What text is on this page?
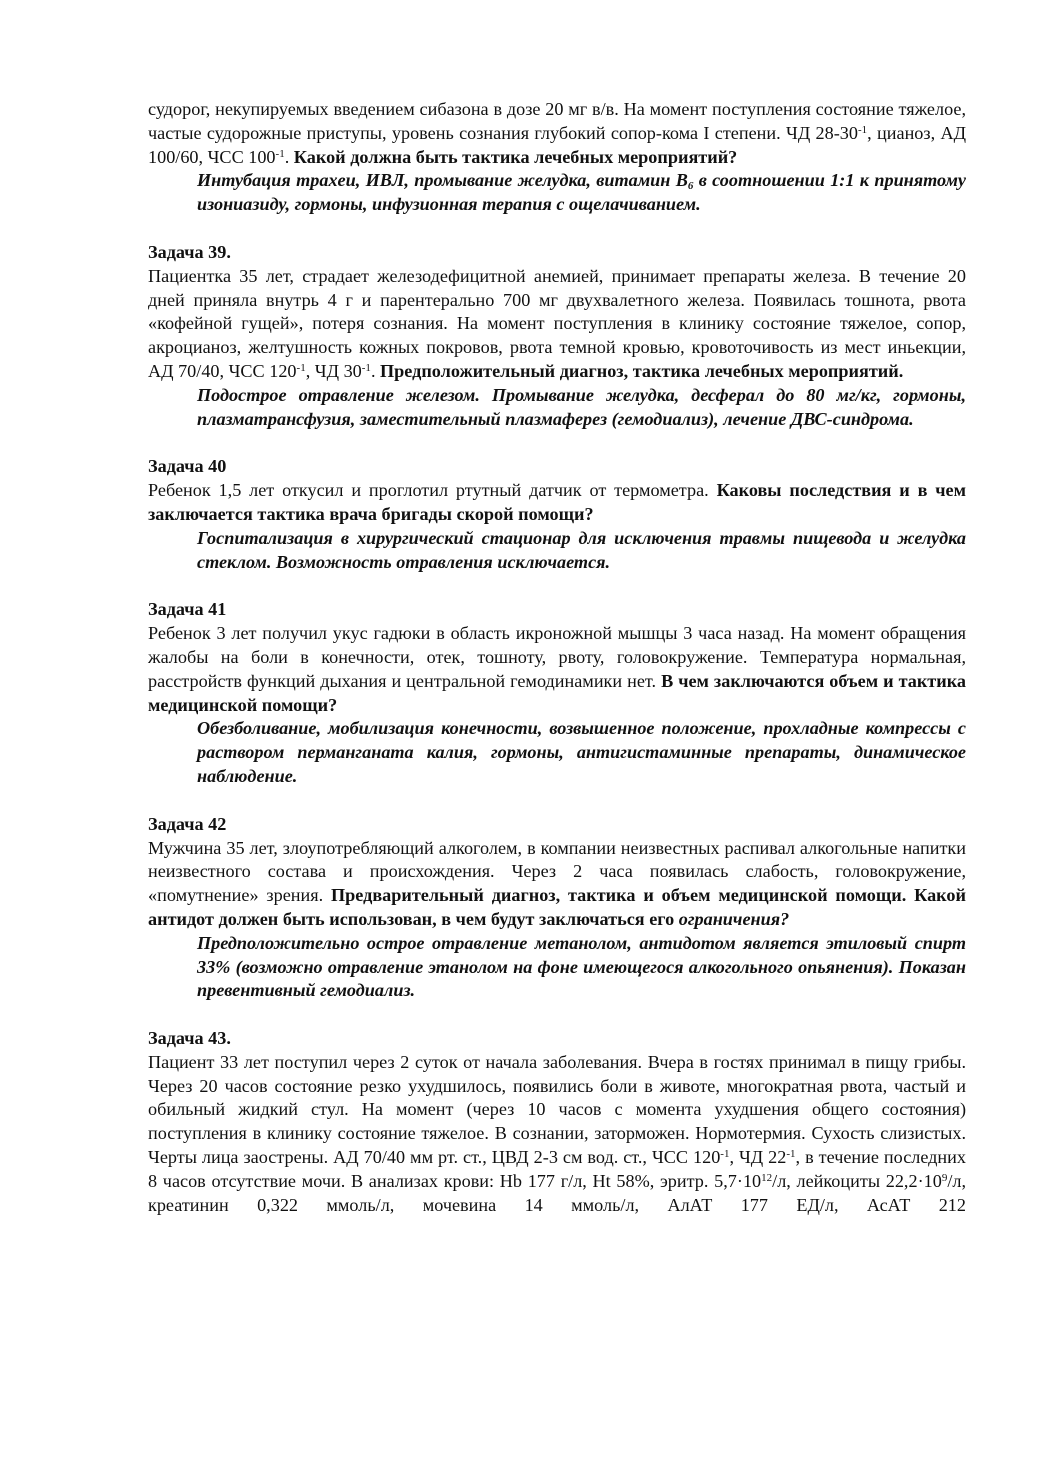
судорог, некупируемых введением сибазона в дозе 20 мг в/в. На момент поступления состояние тяжелое, частые судорожные приступы, уровень сознания глубокий сопор-кома I степени. ЧД $28-30^{-1}$, цианоз, АД 100/60, ЧСС $100^{-1}$. Какой должна быть тактика лечебных мероприятий?

Интубация трахеи, ИВЛ, промывание желудка, витамин $B_6$ в соотношении 1:1 к принятому изониазиду, гормоны, инфузионная терапия с ощелачиванием.

Задача 39.

Пациентка 35 лет, страдает железодефицитной анемией, принимает препараты железа. В течение 20 дней приняла внутрь 4 г и парентерально 700 мг двухвалетного железа. Появилась тошнота, рвота «кофейной гущей», потеря сознания. На момент поступления в клинику состояние тяжелое, сопор, акроцианоз, желтушность кожных покровов, рвота темной кровью, кровоточивость из мест иньекции, АД 70/40, ЧСС $120^{-1}$, ЧД $30^{-1}$. Предположительный диагноз, тактика лечебных мероприятий.

Подострое отравление железом. Промывание желудка, десферал до 80 мг/кг, гормоны, плазматрансфузия, заместительный плазмаферез (гемодиализ), лечение ДВС-синдрома.

Задача 40

Ребенок 1,5 лет откусил и проглотил ртутный датчик от термометра. Каковы последствия и в чем заключается тактика врача бригады скорой помощи?

Госпитализация в хирургический стационар для исключения травмы пищевода и желудка стеклом. Возможность отравления исключается.

Задача 41

Ребенок 3 лет получил укус гадюки в область икроножной мышцы 3 часа назад. На момент обращения жалобы на боли в конечности, отек, тошноту, рвоту, головокружение. Температура нормальная, расстройств функций дыхания и центральной гемодинамики нет. В чем заключаются объем и тактика медицинской помощи?

Обезболивание, мобилизация конечности, возвышенное положение, прохладные компрессы с раствором перманганата калия, гормоны, антигистаминные препараты, динамическое наблюдение.

Задача 42

Мужчина 35 лет, злоупотребляющий алкоголем, в компании неизвестных распивал алкогольные напитки неизвестного состава и происхождения. Через 2 часа появилась слабость, головокружение, «помутнение» зрения. Предварительный диагноз, тактика и объем медицинской помощи. Какой антидот должен быть использован, в чем будут заключаться его ограничения?

Предположительно острое отравление метанолом, антидотом является этиловый спирт 33% (возможно отравление этанолом на фоне имеющегося алкогольного опьянения). Показан превентивный гемодиализ.

Задача 43.

Пациент 33 лет поступил через 2 суток от начала заболевания. Вчера в гостях принимал в пищу грибы. Через 20 часов состояние резко ухудшилось, появились боли в животе, многократная рвота, частый и обильный жидкий стул. На момент (через 10 часов с момента ухудшения общего состояния) поступления в клинику состояние тяжелое. В сознании, заторможен. Нормотермия. Сухость слизистых. Черты лица заострены. АД 70/40 мм рт. ст., ЦВД 2-3 см вод. ст., ЧСС $120^{-1}$, ЧД $22^{-1}$, в течение последних 8 часов отсутствие мочи. В анализах крови: Hb 177 г/л, Ht 58%, эритр. $5,7\cdot 10^{12}/л$, лейкоциты $22,2\cdot 10^9/л$, креатинин 0,322 ммоль/л, мочевина 14 ммоль/л, АлАТ 177 ЕД/л, АсАТ 212
